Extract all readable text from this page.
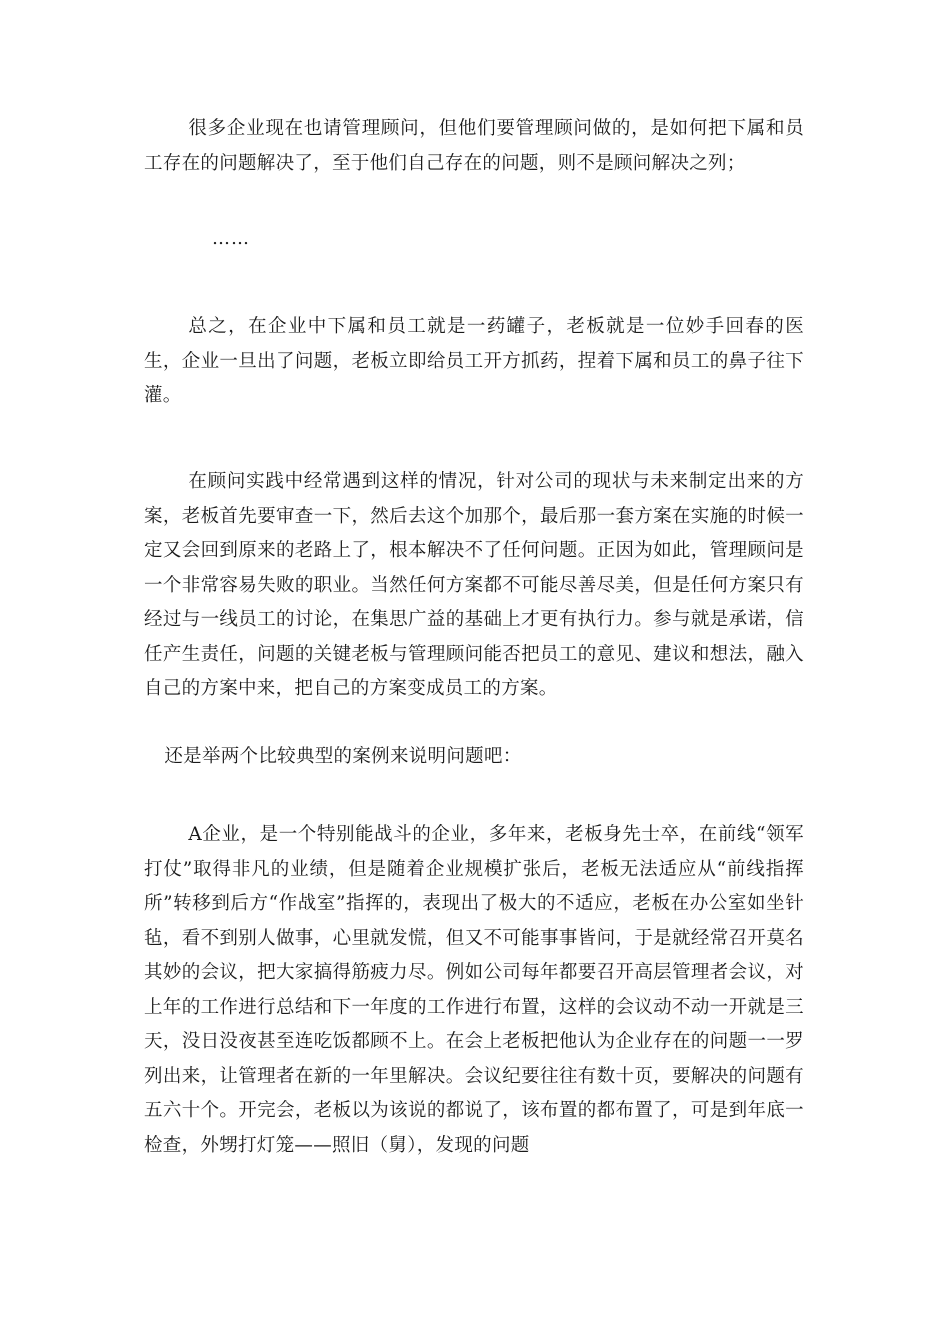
很多企业现在也请管理顾问，但他们要管理顾问做的，是如何把下属和员工存在的问题解决了，至于他们自己存在的问题，则不是顾问解决之列；

……

总之，在企业中下属和员工就是一药罐子，老板就是一位妙手回春的医生，企业一旦出了问题，老板立即给员工开方抓药，捏着下属和员工的鼻子往下灌。

在顾问实践中经常遇到这样的情况，针对公司的现状与未来制定出来的方案，老板首先要审查一下，然后去这个加那个，最后那一套方案在实施的时候一定又会回到原来的老路上了，根本解决不了任何问题。正因为如此，管理顾问是一个非常容易失败的职业。当然任何方案都不可能尽善尽美，但是任何方案只有经过与一线员工的讨论，在集思广益的基础上才更有执行力。参与就是承诺，信任产生责任，问题的关键老板与管理顾问能否把员工的意见、建议和想法，融入自己的方案中来，把自己的方案变成员工的方案。

还是举两个比较典型的案例来说明问题吧：

A企业，是一个特别能战斗的企业，多年来，老板身先士卒，在前线“领军打仗”取得非凡的业绩，但是随着企业规模扩张后，老板无法适应从“前线指挥所”转移到后方“作战室”指挥的，表现出了极大的不适应，老板在办公室如坐针毡，看不到别人做事，心里就发慌，但又不可能事事皆问，于是就经常召开莫名其妙的会议，把大家搞得筋疲力尽。例如公司每年都要召开高层管理者会议，对上年的工作进行总结和下一年度的工作进行布置，这样的会议动不动一开就是三天，没日没夜甚至连吃饭都顾不上。在会上老板把他认为企业存在的问题一一罗列出来，让管理者在新的一年里解决。会议纪要往往有数十页，要解决的问题有五六十个。开完会，老板以为该说的都说了，该布置的都布置了，可是到年底一检查，外甥打灯笼——照旧（舅），发现的问题
